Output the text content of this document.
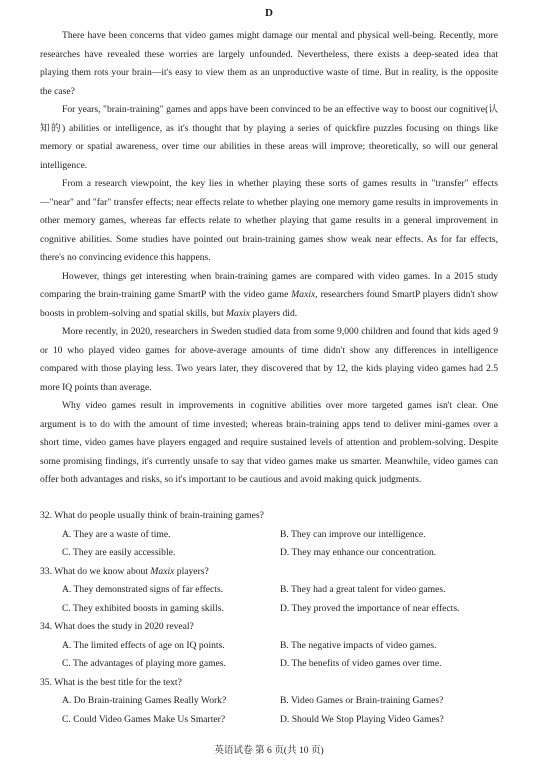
D

There have been concerns that video games might damage our mental and physical well-being. Recently, more researches have revealed these worries are largely unfounded. Nevertheless, there exists a deep-seated idea that playing them rots your brain—it's easy to view them as an unproductive waste of time. But in reality, is the opposite the case?

For years, "brain-training" games and apps have been convinced to be an effective way to boost our cognitive(认知的) abilities or intelligence, as it's thought that by playing a series of quickfire puzzles focusing on things like memory or spatial awareness, over time our abilities in these areas will improve; theoretically, so will our general intelligence.

From a research viewpoint, the key lies in whether playing these sorts of games results in "transfer" effects—"near" and "far" transfer effects; near effects relate to whether playing one memory game results in improvements in other memory games, whereas far effects relate to whether playing that game results in a general improvement in cognitive abilities. Some studies have pointed out brain-training games show weak near effects. As for far effects, there's no convincing evidence this happens.

However, things get interesting when brain-training games are compared with video games. In a 2015 study comparing the brain-training game SmartP with the video game Maxix, researchers found SmartP players didn't show boosts in problem-solving and spatial skills, but Maxix players did.

More recently, in 2020, researchers in Sweden studied data from some 9,000 children and found that kids aged 9 or 10 who played video games for above-average amounts of time didn't show any differences in intelligence compared with those playing less. Two years later, they discovered that by 12, the kids playing video games had 2.5 more IQ points than average.

Why video games result in improvements in cognitive abilities over more targeted games isn't clear. One argument is to do with the amount of time invested; whereas brain-training apps tend to deliver mini-games over a short time, video games have players engaged and require sustained levels of attention and problem-solving. Despite some promising findings, it's currently unsafe to say that video games make us smarter. Meanwhile, video games can offer both advantages and risks, so it's important to be cautious and avoid making quick judgments.

32. What do people usually think of brain-training games?
A. They are a waste of time.	B. They can improve our intelligence.
C. They are easily accessible.	D. They may enhance our concentration.
33. What do we know about Maxix players?
A. They demonstrated signs of far effects.	B. They had a great talent for video games.
C. They exhibited boosts in gaming skills.	D. They proved the importance of near effects.
34. What does the study in 2020 reveal?
A. The limited effects of age on IQ points.	B. The negative impacts of video games.
C. The advantages of playing more games.	D. The benefits of video games over time.
35. What is the best title for the text?
A. Do Brain-training Games Really Work?	B. Video Games or Brain-training Games?
C. Could Video Games Make Us Smarter?	D. Should We Stop Playing Video Games?
英语试卷 第 6 页(共 10 页)
